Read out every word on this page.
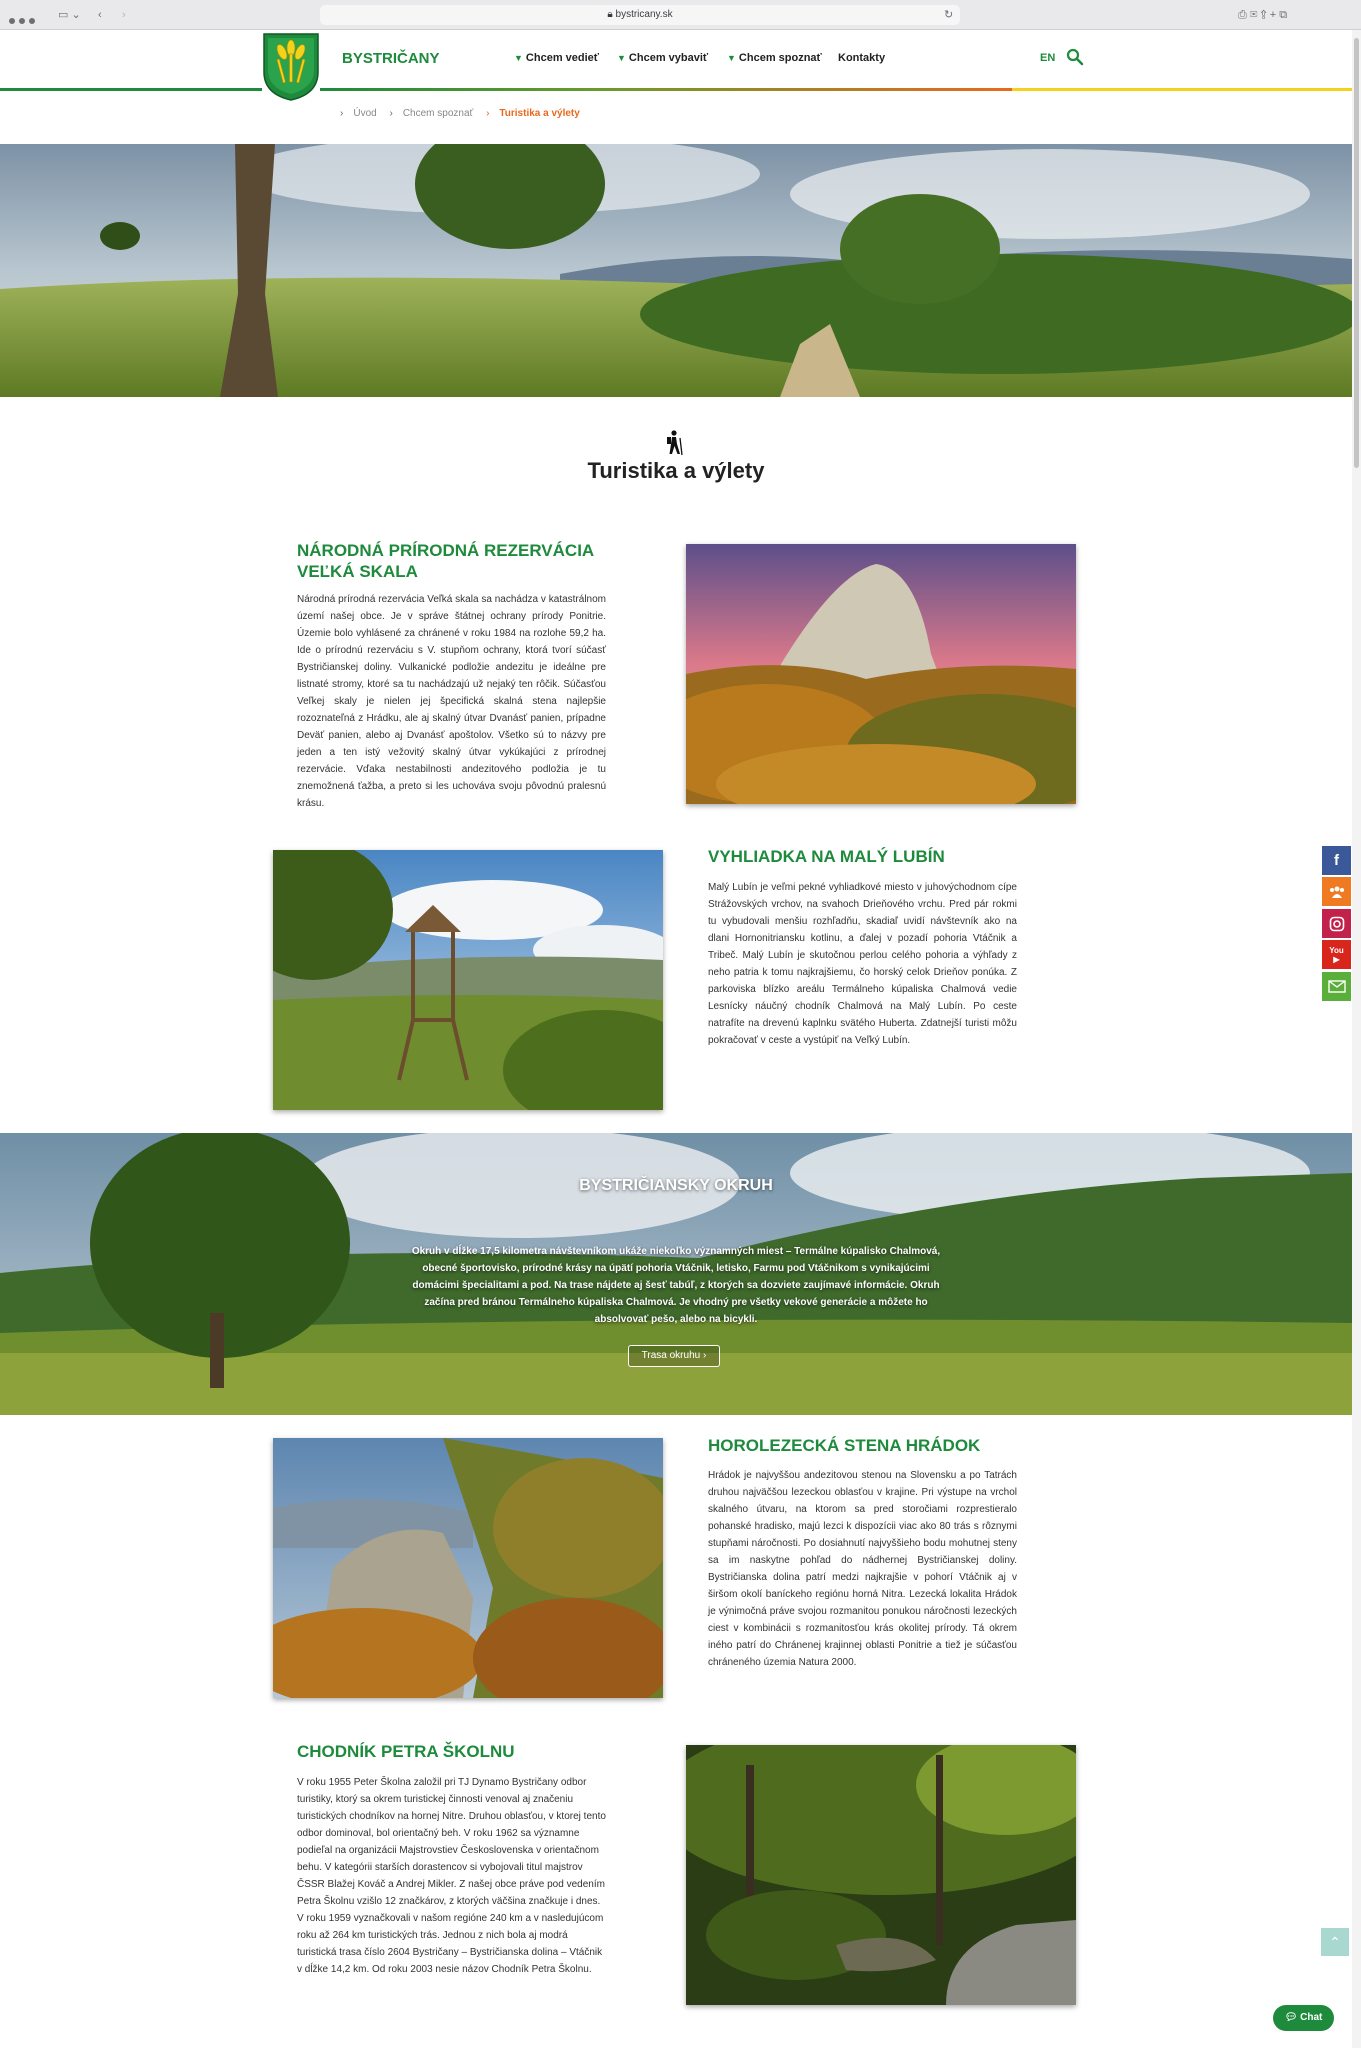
▭ ⌄ ‹ ›	🔒︎ bystricany.sk	↻	⎙ ✉ ⇪ + ⧉
BYSTRIČANY	▼ Chcem vedieť ▼ Chcem vybaviť ▼ Chcem spoznať Kontakty	EN
› Úvod › Chcem spoznať › Turistika a výlety
Turistika a výlety
NÁRODNÁ PRÍRODNÁ REZERVÁCIA VEĽKÁ SKALA
Národná prírodná rezervácia Veľká skala sa nachádza v katastrálnom území našej obce. Je v správe štátnej ochrany prírody Ponitrie. Územie bolo vyhlásené za chránené v roku 1984 na rozlohe 59,2 ha. Ide o prírodnú rezerváciu s V. stupňom ochrany, ktorá tvorí súčasť Bystričianskej doliny. Vulkanické podložie andezitu je ideálne pre listnaté stromy, ktoré sa tu nachádzajú už nejaký ten rôčik. Súčasťou Veľkej skaly je nielen jej špecifická skalná stena najlepšie rozoznateľná z Hrádku, ale aj skalný útvar Dvanásť panien, prípadne Deväť panien, alebo aj Dvanásť apoštolov. Všetko sú to názvy pre jeden a ten istý vežovitý skalný útvar vykúkajúci z prírodnej rezervácie. Vďaka nestabilnosti andezitového podložia je tu znemožnená ťažba, a preto si les uchováva svoju pôvodnú pralesnú krásu.
VYHLIADKA NA MALÝ LUBÍN
Malý Lubín je veľmi pekné vyhliadkové miesto v juhovýchodnom cípe Strážovských vrchov, na svahoch Drieňového vrchu. Pred pár rokmi tu vybudovali menšiu rozhľadňu, skadiaľ uvidí návštevník ako na dlani Hornonitriansku kotlinu, a ďalej v pozadí pohoria Vtáčnik a Tribeč. Malý Lubín je skutočnou perlou celého pohoria a výhľady z neho patria k tomu najkrajšiemu, čo horský celok Drieňov ponúka. Z parkoviska blízko areálu Termálneho kúpaliska Chalmová vedie Lesnícky náučný chodník Chalmová na Malý Lubín. Po ceste natrafíte na drevenú kaplnku svätého Huberta. Zdatnejší turisti môžu pokračovať v ceste a vystúpiť na Veľký Lubín.
BYSTRIČIANSKY OKRUH
Okruh v dĺžke 17,5 kilometra návštevníkom ukáže niekoľko významných miest – Termálne kúpalisko Chalmová, obecné športovisko, prírodné krásy na úpätí pohoria Vtáčnik, letisko, Farmu pod Vtáčnikom s vynikajúcimi domácimi špecialitami a pod. Na trase nájdete aj šesť tabúľ, z ktorých sa dozviete zaujímavé informácie. Okruh začína pred bránou Termálneho kúpaliska Chalmová. Je vhodný pre všetky vekové generácie a môžete ho absolvovať pešo, alebo na bicykli.
Trasa okruhu ›
HOROLEZECKÁ STENA HRÁDOK
Hrádok je najvyššou andezitovou stenou na Slovensku a po Tatrách druhou najväčšou lezeckou oblasťou v krajine. Pri výstupe na vrchol skalného útvaru, na ktorom sa pred storočiami rozprestieralo pohanské hradisko, majú lezci k dispozícii viac ako 80 trás s rôznymi stupňami náročnosti. Po dosiahnutí najvyššieho bodu mohutnej steny sa im naskytne pohľad do nádhernej Bystričianskej doliny. Bystričianska dolina patrí medzi najkrajšie v pohorí Vtáčnik aj v širšom okolí baníckeho regiónu horná Nitra. Lezecká lokalita Hrádok je výnimočná práve svojou rozmanitou ponukou náročnosti lezeckých ciest v kombinácii s rozmanitosťou krás okolitej prírody. Tá okrem iného patrí do Chránenej krajinnej oblasti Ponitrie a tiež je súčasťou chráneného územia Natura 2000.
CHODNÍK PETRA ŠKOLNU
V roku 1955 Peter Školna založil pri TJ Dynamo Bystričany odbor turistiky, ktorý sa okrem turistickej činnosti venoval aj značeniu turistických chodníkov na hornej Nitre. Druhou oblasťou, v ktorej tento odbor dominoval, bol orientačný beh. V roku 1962 sa významne podieľal na organizácii Majstrovstiev Československa v orientačnom behu. V kategórii starších dorastencov si vybojovali titul majstrov ČSSR Blažej Kováč a Andrej Mikler. Z našej obce práve pod vedením Petra Školnu vzišlo 12 značkárov, z ktorých väčšina značkuje i dnes. V roku 1959 vyznačkovali v našom regióne 240 km a v nasledujúcom roku až 264 km turistických trás. Jednou z nich bola aj modrá turistická trasa číslo 2604 Bystričany – Bystričianska dolina – Vtáčnik v dĺžke 14,2 km. Od roku 2003 nesie názov Chodník Petra Školnu.
f
You
▶
⌃
💬︎ Chat
